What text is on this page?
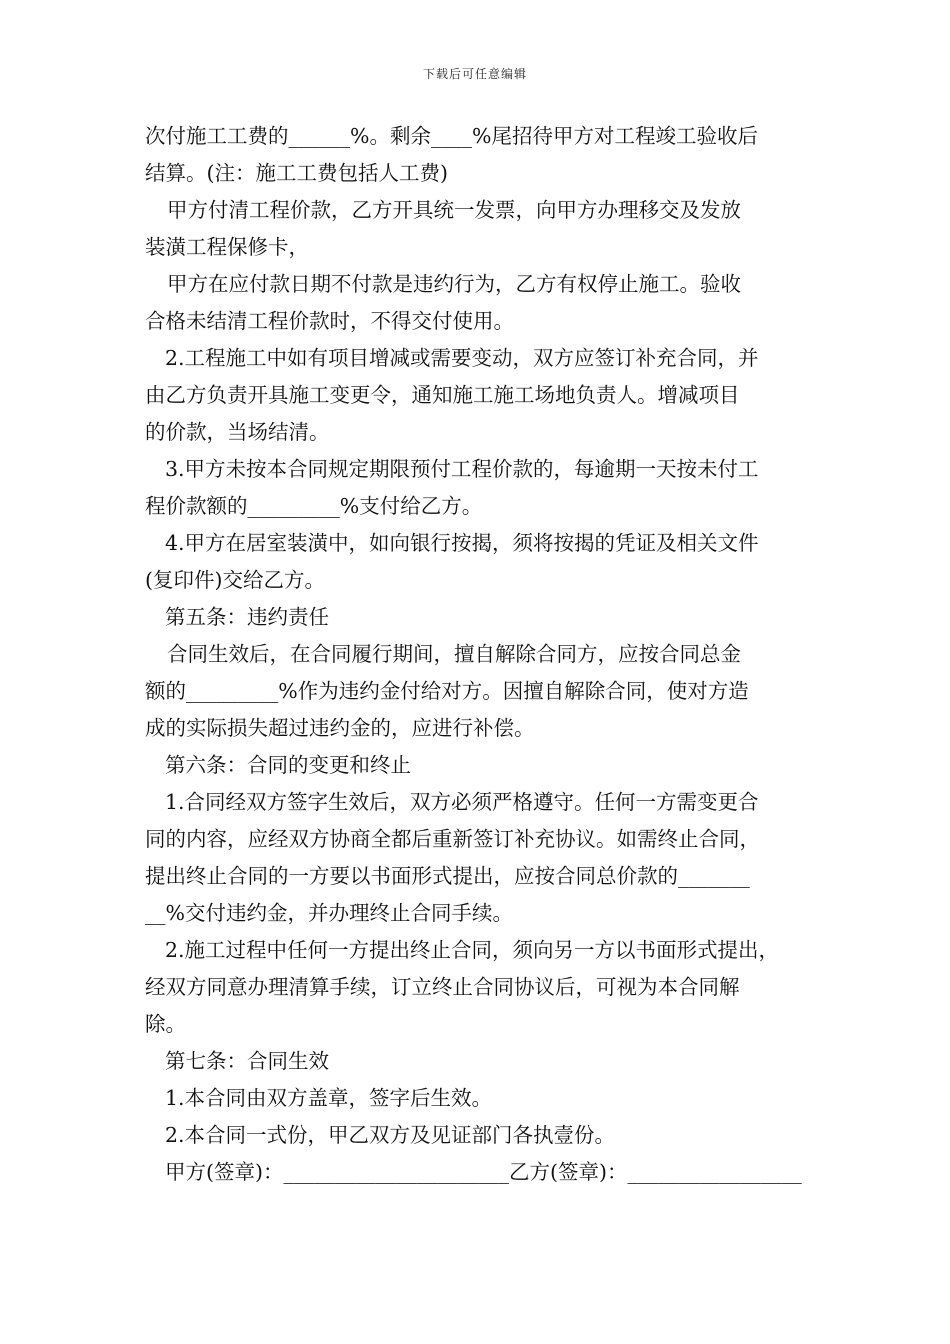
下载后可任意编辑
次付施工工费的______%。剩余____%尾招待甲方对工程竣工验收后
结算。(注：施工工费包括人工费)
甲方付清工程价款，乙方开具统一发票，向甲方办理移交及发放
装潢工程保修卡，
甲方在应付款日期不付款是违约行为，乙方有权停止施工。验收
合格未结清工程价款时，不得交付使用。
2.工程施工中如有项目增减或需要变动，双方应签订补充合同，并
由乙方负责开具施工变更令，通知施工施工场地负责人。增减项目
的价款，当场结清。
3.甲方未按本合同规定期限预付工程价款的，每逾期一天按未付工
程价款额的_________%支付给乙方。
4.甲方在居室装潢中，如向银行按揭，须将按揭的凭证及相关文件
(复印件)交给乙方。
第五条：违约责任
合同生效后，在合同履行期间，擅自解除合同方，应按合同总金
额的_________%作为违约金付给对方。因擅自解除合同，使对方造
成的实际损失超过违约金的，应进行补偿。
第六条：合同的变更和终止
1.合同经双方签字生效后，双方必须严格遵守。任何一方需变更合
同的内容，应经双方协商全都后重新签订补充协议。如需终止合同，
提出终止合同的一方要以书面形式提出，应按合同总价款的_______
__%交付违约金，并办理终止合同手续。
2.施工过程中任何一方提出终止合同，须向另一方以书面形式提出，
经双方同意办理清算手续，订立终止合同协议后，可视为本合同解
除。
第七条：合同生效
1.本合同由双方盖章，签字后生效。
2.本合同一式份，甲乙双方及见证部门各执壹份。
甲方(签章)：______________________乙方(签章)：_________________
